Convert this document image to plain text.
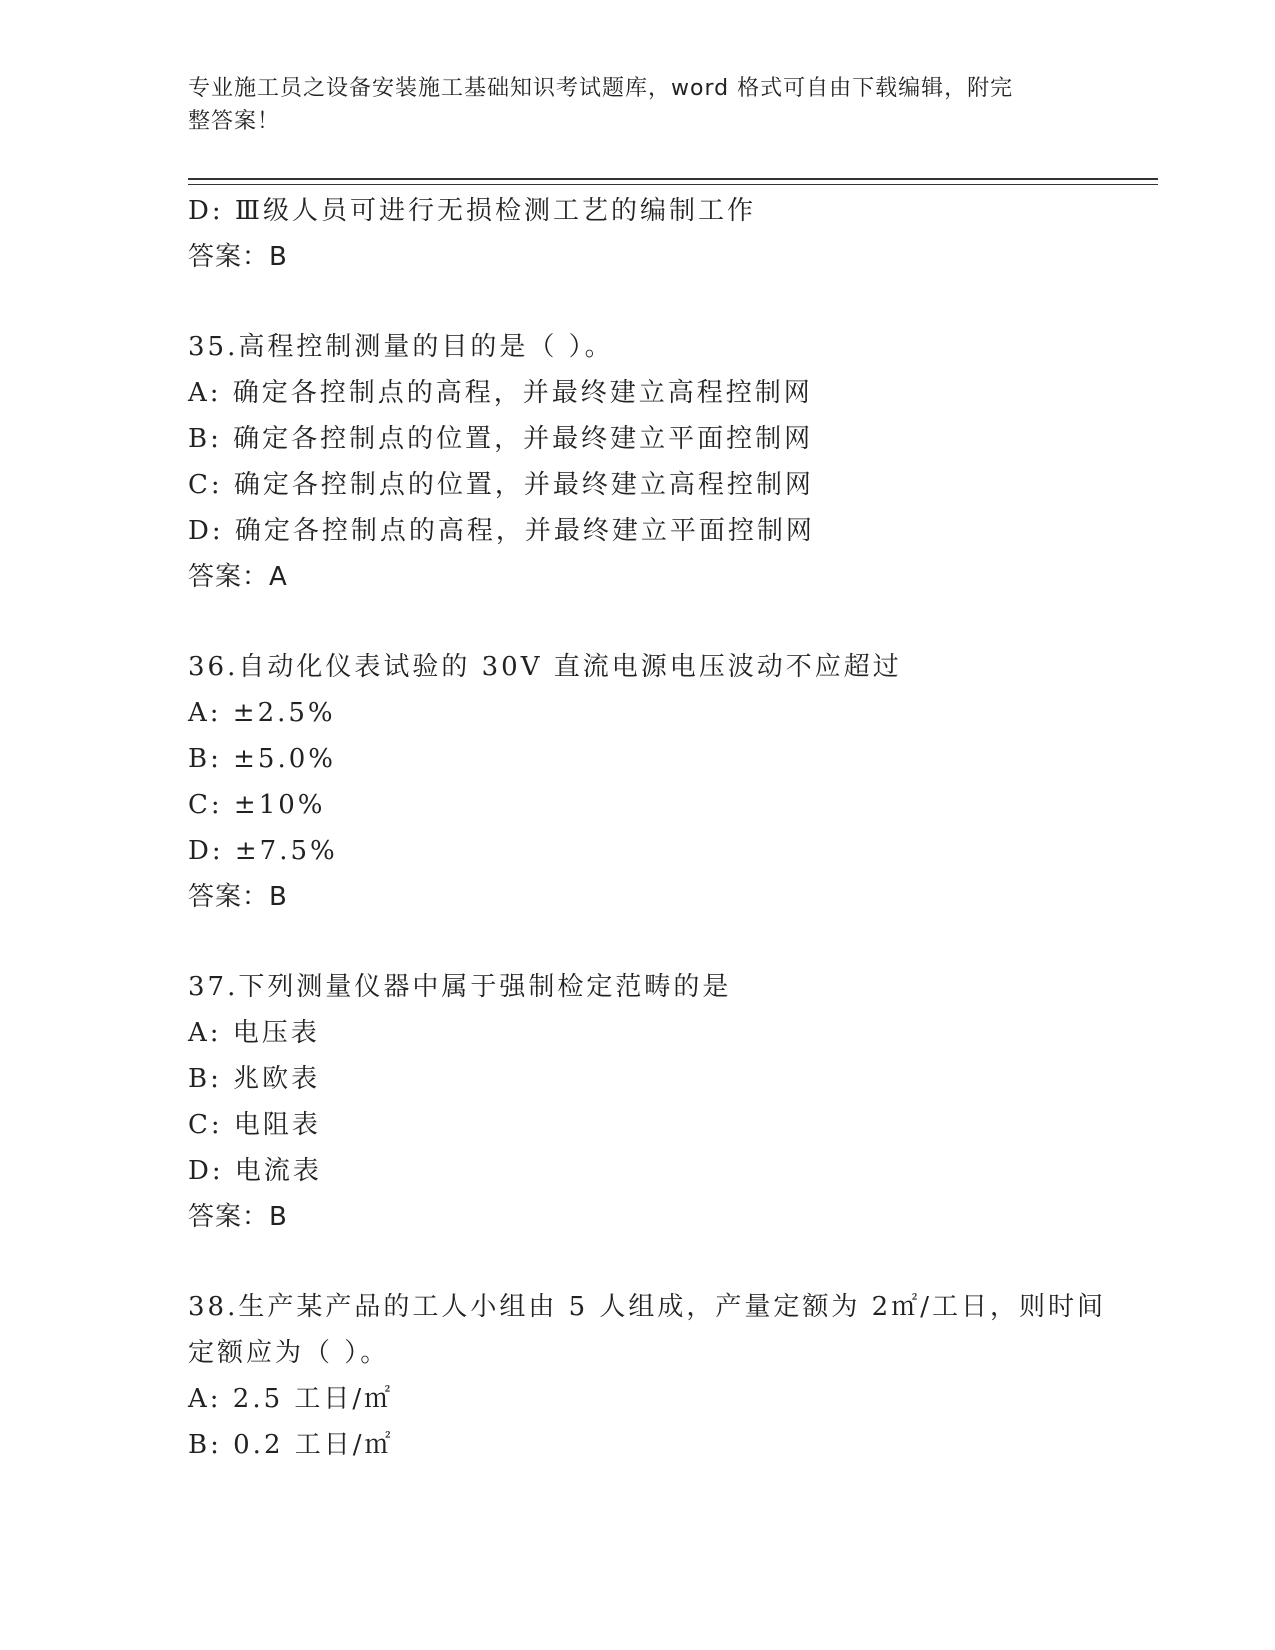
专业施工员之设备安装施工基础知识考试题库，word 格式可自由下载编辑，附完
整答案！
D: Ⅲ级人员可进行无损检测工艺的编制工作
答案：B
35.高程控制测量的目的是（ ）。
A: 确定各控制点的高程，并最终建立高程控制网
B: 确定各控制点的位置，并最终建立平面控制网
C: 确定各控制点的位置，并最终建立高程控制网
D: 确定各控制点的高程，并最终建立平面控制网
答案：A
36.自动化仪表试验的 30V 直流电源电压波动不应超过
A: ±2.5%
B: ±5.0%
C: ±10%
D: ±7.5%
答案：B
37.下列测量仪器中属于强制检定范畴的是
A: 电压表
B: 兆欧表
C: 电阻表
D: 电流表
答案：B
38.生产某产品的工人小组由 5 人组成，产量定额为 2㎡/工日，则时间
定额应为（ ）。
A: 2.5 工日/㎡
B: 0.2 工日/㎡
